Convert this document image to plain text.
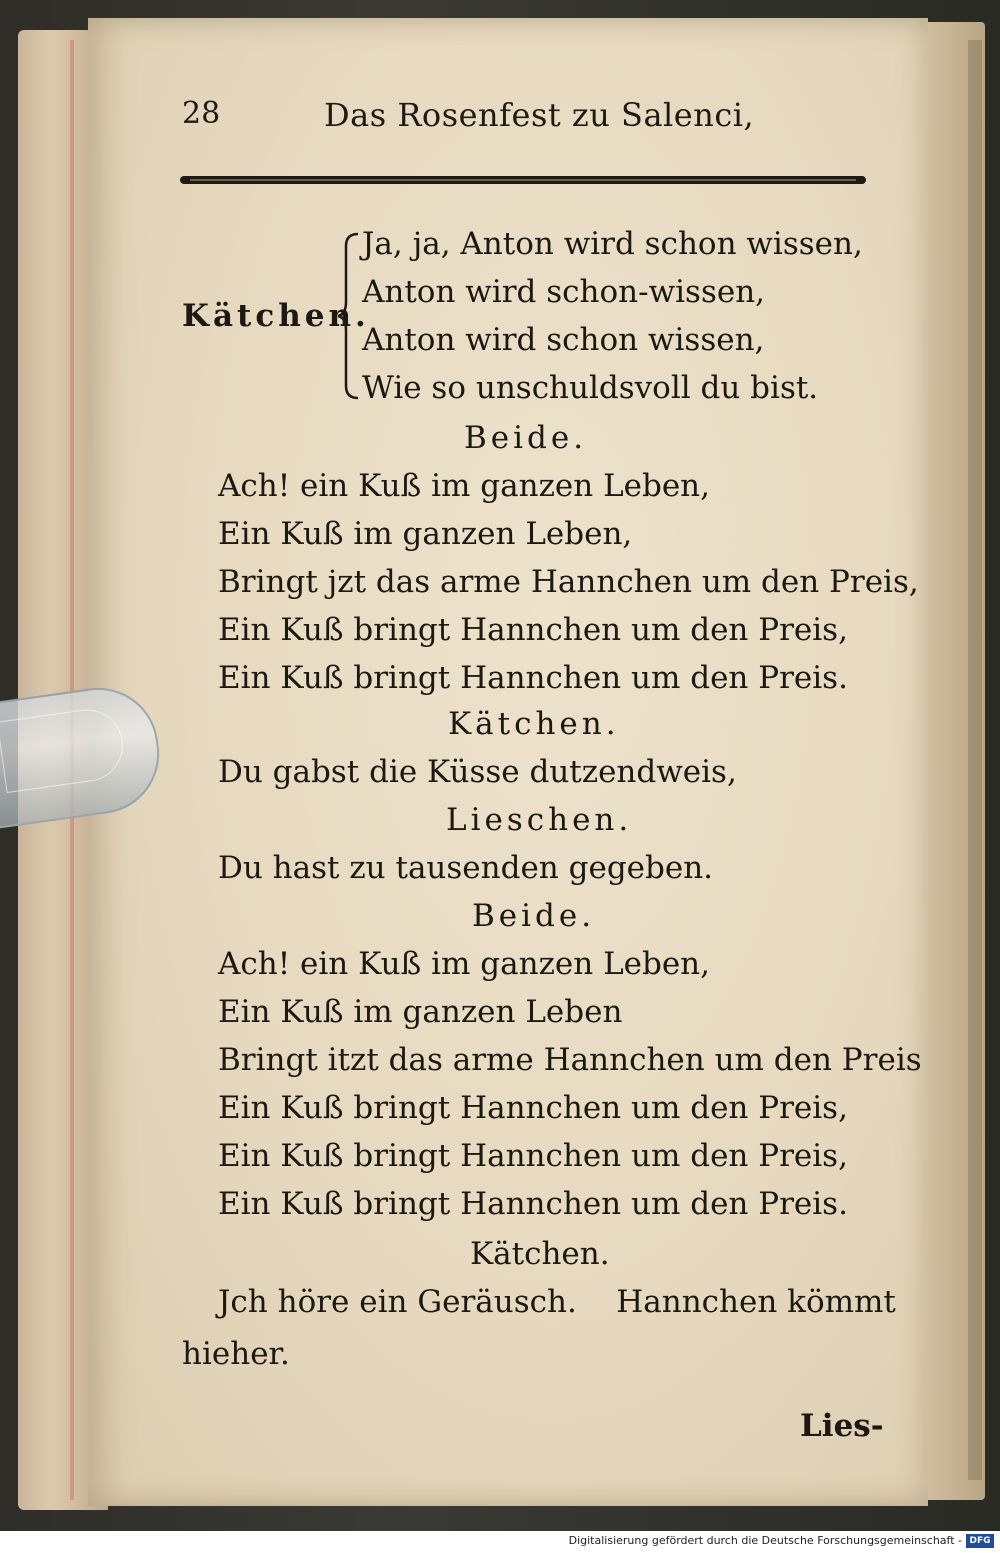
28	Das Rosenfest zu Salenci,
Kätchen.
Ja, ja, Anton wird schon wissen,
Anton wird schon-wissen,
Anton wird schon wissen,
Wie so unschuldsvoll du bist.
Beide.
Ach! ein Kuß im ganzen Leben,
Ein Kuß im ganzen Leben,
Bringt jzt das arme Hannchen um den Preis,
Ein Kuß bringt Hannchen um den Preis,
Ein Kuß bringt Hannchen um den Preis.
Kätchen.
Du gabst die Küsse dutzendweis,
Lieschen.
Du hast zu tausenden gegeben.
Beide.
Ach! ein Kuß im ganzen Leben,
Ein Kuß im ganzen Leben
Bringt itzt das arme Hannchen um den Preis
Ein Kuß bringt Hannchen um den Preis,
Ein Kuß bringt Hannchen um den Preis,
Ein Kuß bringt Hannchen um den Preis.
Kätchen.
Jch höre ein Geräusch.    Hannchen kömmt
hieher.
Lies-
Digitalisierung gefördert durch die Deutsche Forschungsgemeinschaft - DFG
